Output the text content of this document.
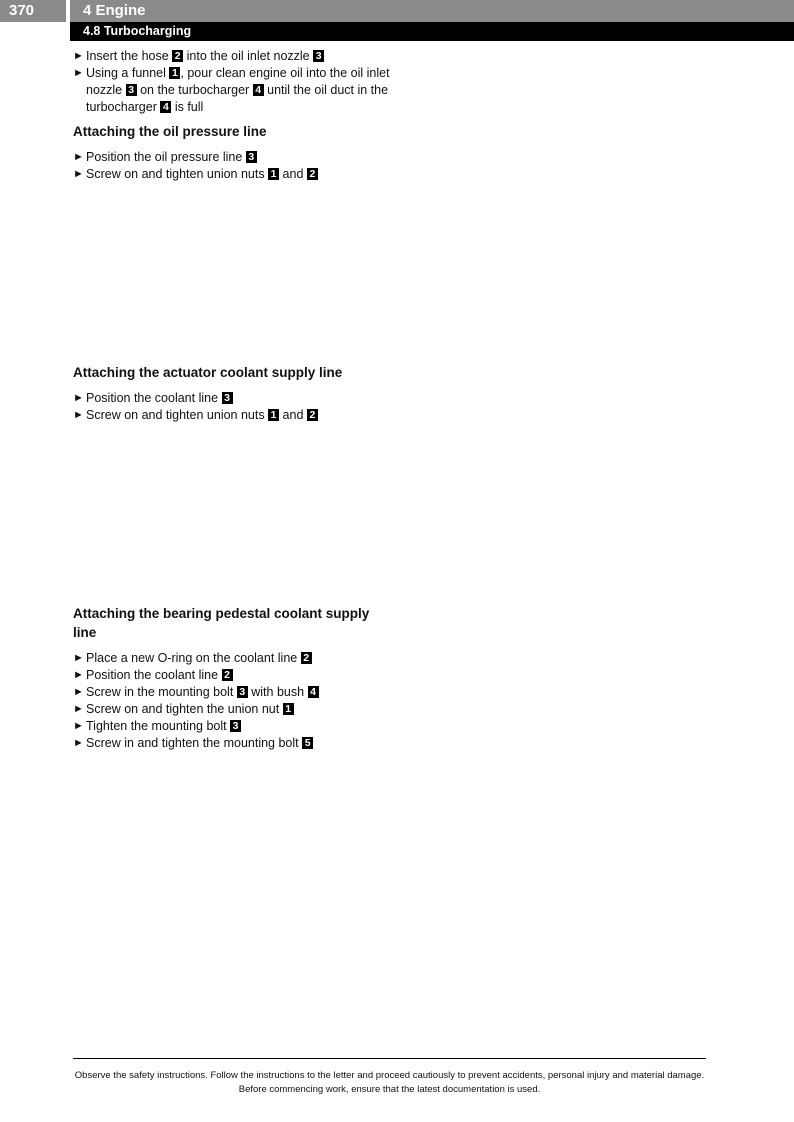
370	4 Engine
4.8 Turbocharging

► Insert the hose 2 into the oil inlet nozzle 3

► Using a funnel 1 , pour clean engine oil into the oil inlet nozzle 3 on the turbocharger 4 until the oil duct in the turbocharger 4 is full

Attaching the oil pressure line

► Position the oil pressure line 3

► Screw on and tighten union nuts 1 and 2

Attaching the actuator coolant supply line

► Position the coolant line 3

► Screw on and tighten union nuts 1 and 2

Attaching the bearing pedestal coolant supply line

► Place a new O-ring on the coolant line 2

► Position the coolant line 2

► Screw in the mounting bolt 3 with bush 4

► Screw on and tighten the union nut 1

► Tighten the mounting bolt 3

► Screw in and tighten the mounting bolt 5

Observe the safety instructions. Follow the instructions to the letter and proceed cautiously to prevent accidents, personal injury and material damage. Before commencing work, ensure that the latest documentation is used.
